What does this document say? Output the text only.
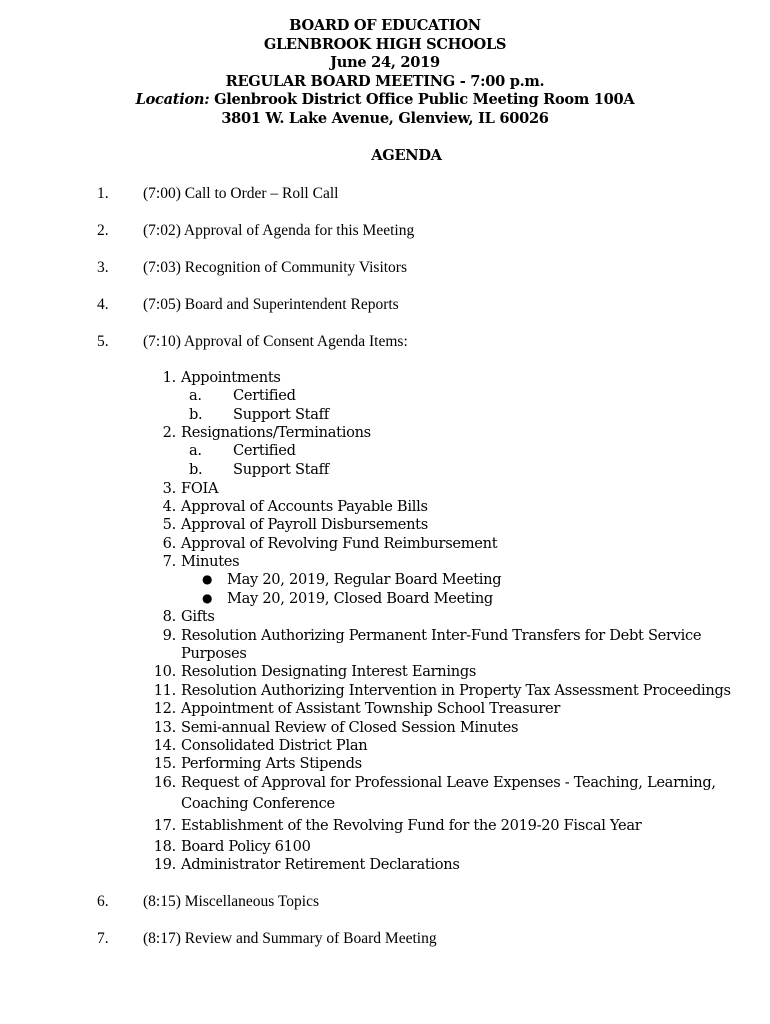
BOARD OF EDUCATION
GLENBROOK HIGH SCHOOLS
June 24, 2019
REGULAR BOARD MEETING - 7:00 p.m.
Location: Glenbrook District Office Public Meeting Room 100A
3801 W. Lake Avenue, Glenview, IL 60026
AGENDA
1. (7:00) Call to Order – Roll Call
2. (7:02) Approval of Agenda for this Meeting
3. (7:03) Recognition of Community Visitors
4. (7:05) Board and Superintendent Reports
5. (7:10) Approval of Consent Agenda Items:
1. Appointments
a. Certified
b. Support Staff
2. Resignations/Terminations
a. Certified
b. Support Staff
3. FOIA
4. Approval of Accounts Payable Bills
5. Approval of Payroll Disbursements
6. Approval of Revolving Fund Reimbursement
7. Minutes
● May 20, 2019, Regular Board Meeting
● May 20, 2019, Closed Board Meeting
8. Gifts
9. Resolution Authorizing Permanent Inter-Fund Transfers for Debt Service
Purposes
10. Resolution Designating Interest Earnings
11. Resolution Authorizing Intervention in Property Tax Assessment Proceedings
12. Appointment of Assistant Township School Treasurer
13. Semi-annual Review of Closed Session Minutes
14. Consolidated District Plan
15. Performing Arts Stipends
16. Request of Approval for Professional Leave Expenses - Teaching, Learning,
Coaching Conference
17. Establishment of the Revolving Fund for the 2019-20 Fiscal Year
18. Board Policy 6100
19. Administrator Retirement Declarations
6. (8:15) Miscellaneous Topics
7. (8:17) Review and Summary of Board Meeting
